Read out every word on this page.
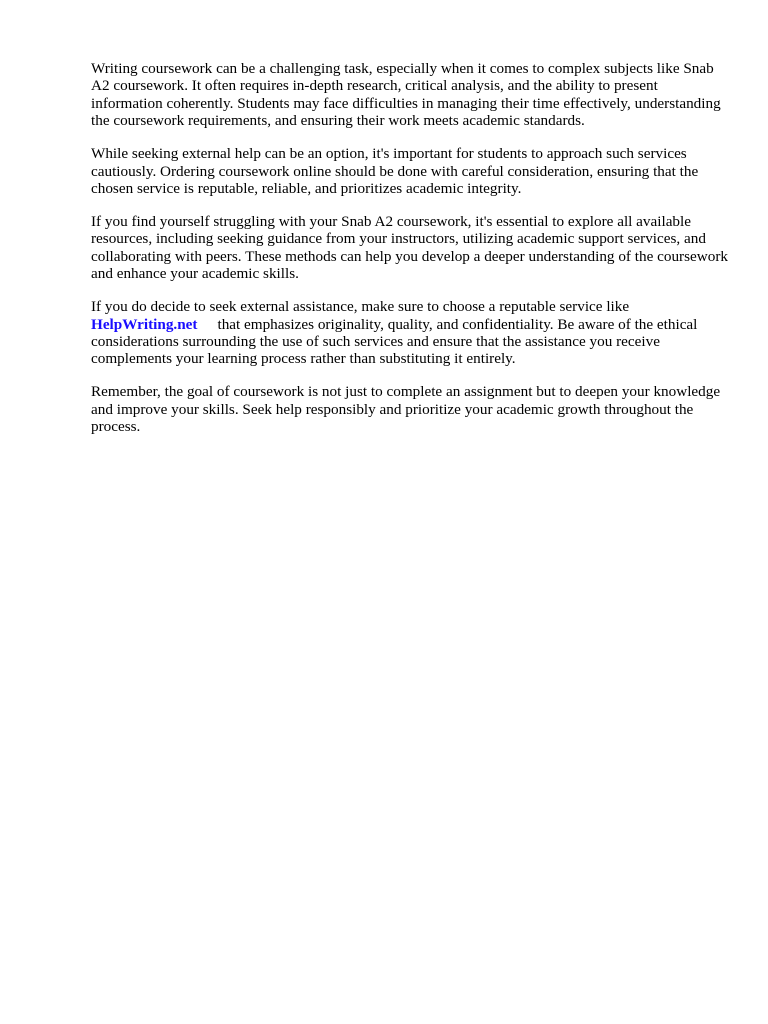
Writing coursework can be a challenging task, especially when it comes to complex subjects like Snab A2 coursework. It often requires in-depth research, critical analysis, and the ability to present information coherently. Students may face difficulties in managing their time effectively, understanding the coursework requirements, and ensuring their work meets academic standards.

While seeking external help can be an option, it's important for students to approach such services cautiously. Ordering coursework online should be done with careful consideration, ensuring that the chosen service is reputable, reliable, and prioritizes academic integrity.

If you find yourself struggling with your Snab A2 coursework, it's essential to explore all available resources, including seeking guidance from your instructors, utilizing academic support services, and collaborating with peers. These methods can help you develop a deeper understanding of the coursework and enhance your academic skills.

If you do decide to seek external assistance, make sure to choose a reputable service like
HelpWriting.net that emphasizes originality, quality, and confidentiality. Be aware of the ethical considerations surrounding the use of such services and ensure that the assistance you receive complements your learning process rather than substituting it entirely.

Remember, the goal of coursework is not just to complete an assignment but to deepen your knowledge and improve your skills. Seek help responsibly and prioritize your academic growth throughout the process.
